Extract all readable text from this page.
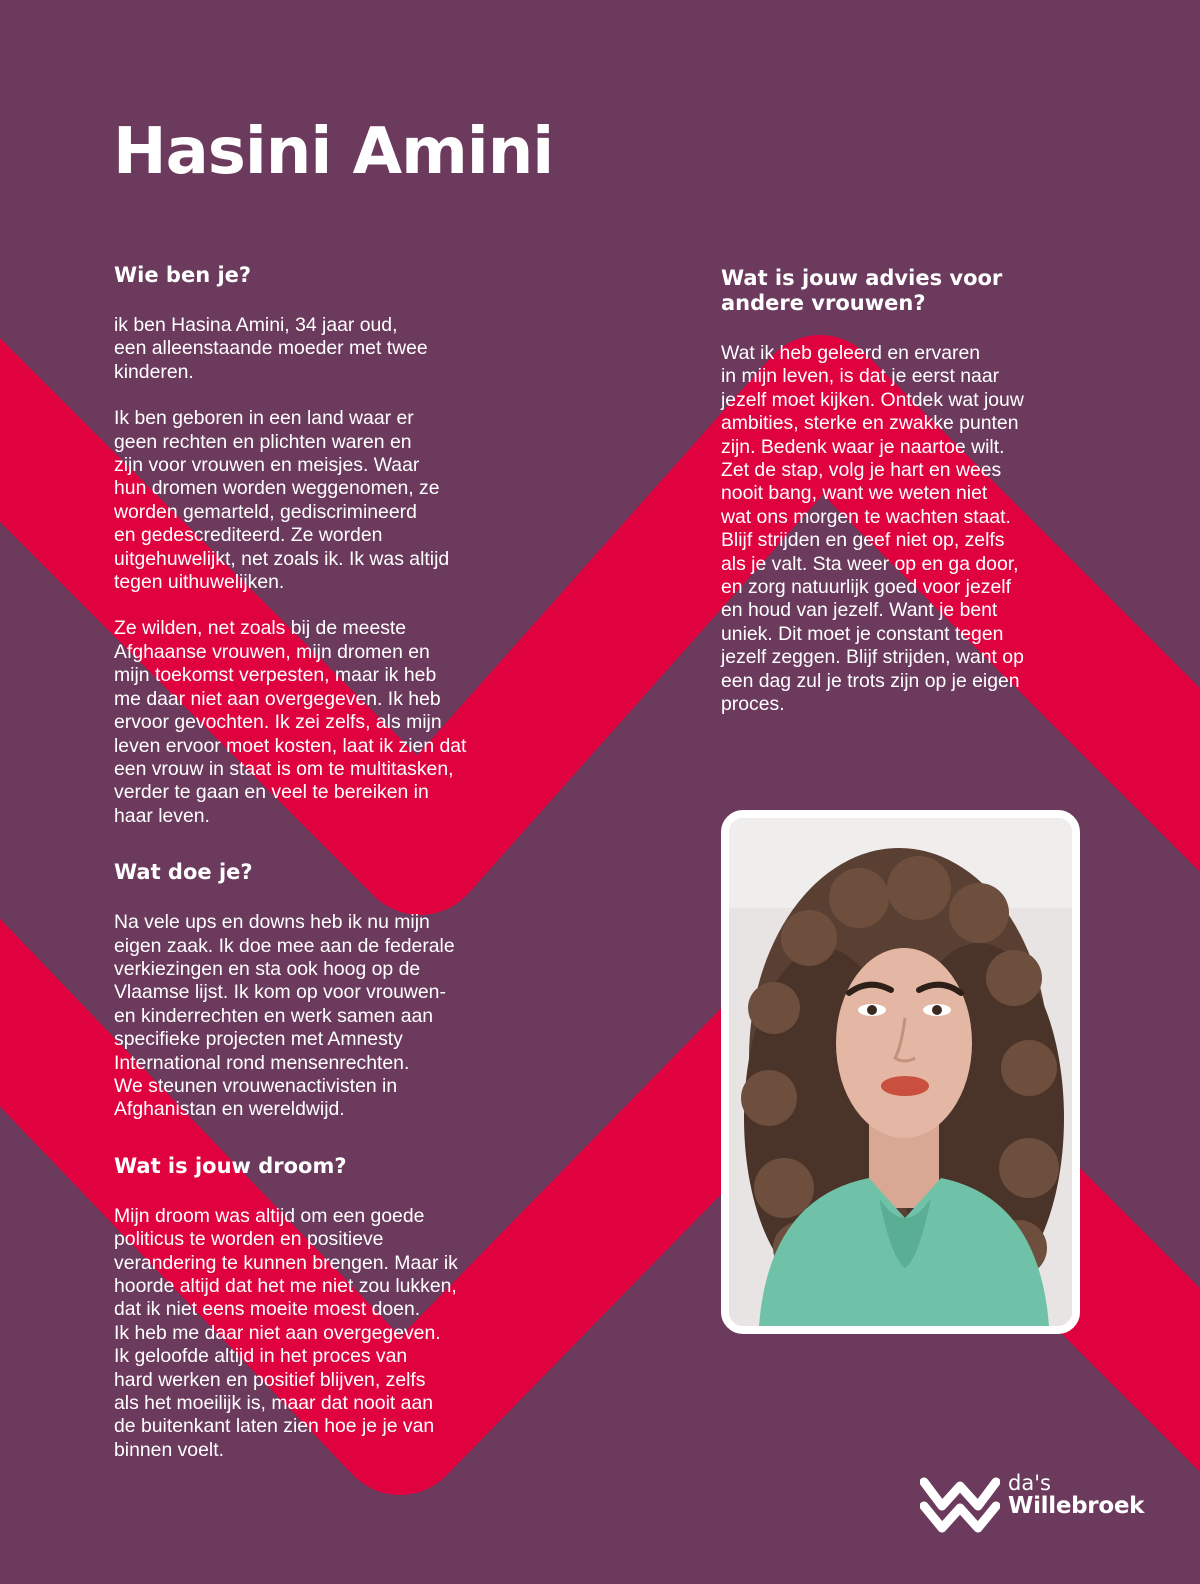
Hasini Amini
Wie ben je?

ik ben Hasina Amini, 34 jaar oud,
een alleenstaande moeder met twee
kinderen.

Ik ben geboren in een land waar er
geen rechten en plichten waren en
zijn voor vrouwen en meisjes. Waar
hun dromen worden weggenomen, ze
worden gemarteld, gediscrimineerd
en gedescrediteerd. Ze worden
uitgehuwelijkt, net zoals ik. Ik was altijd
tegen uithuwelijken.

Ze wilden, net zoals bij de meeste
Afghaanse vrouwen, mijn dromen en
mijn toekomst verpesten, maar ik heb
me daar niet aan overgegeven. Ik heb
ervoor gevochten. Ik zei zelfs, als mijn
leven ervoor moet kosten, laat ik zien dat
een vrouw in staat is om te multitasken,
verder te gaan en veel te bereiken in
haar leven.

Wat doe je?

Na vele ups en downs heb ik nu mijn
eigen zaak. Ik doe mee aan de federale
verkiezingen en sta ook hoog op de
Vlaamse lijst. Ik kom op voor vrouwen-
en kinderrechten en werk samen aan
specifieke projecten met Amnesty
International rond mensenrechten.
We steunen vrouwenactivisten in
Afghanistan en wereldwijd.

Wat is jouw droom?

Mijn droom was altijd om een goede
politicus te worden en positieve
verandering te kunnen brengen. Maar ik
hoorde altijd dat het me niet zou lukken,
dat ik niet eens moeite moest doen.
Ik heb me daar niet aan overgegeven.
Ik geloofde altijd in het proces van
hard werken en positief blijven, zelfs
als het moeilijk is, maar dat nooit aan
de buitenkant laten zien hoe je je van
binnen voelt.

Wat is jouw advies voor
andere vrouwen?

Wat ik heb geleerd en ervaren
in mijn leven, is dat je eerst naar
jezelf moet kijken. Ontdek wat jouw
ambities, sterke en zwakke punten
zijn. Bedenk waar je naartoe wilt.
Zet de stap, volg je hart en wees
nooit bang, want we weten niet
wat ons morgen te wachten staat.
Blijf strijden en geef niet op, zelfs
als je valt. Sta weer op en ga door,
en zorg natuurlijk goed voor jezelf
en houd van jezelf. Want je bent
uniek. Dit moet je constant tegen
jezelf zeggen. Blijf strijden, want op
een dag zul je trots zijn op je eigen
proces.

da's
Willebroek
